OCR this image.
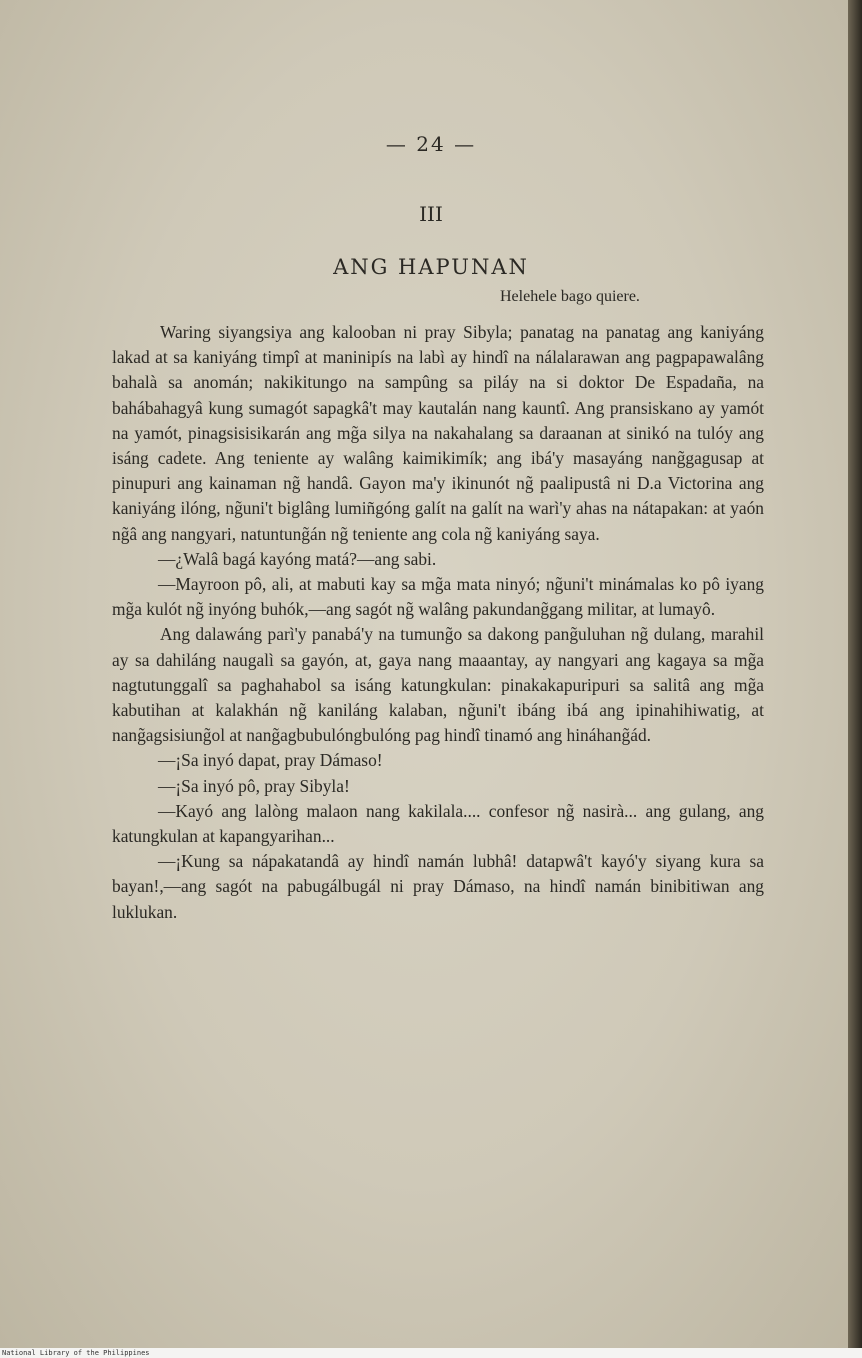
— 24 —
III
ANG HAPUNAN
Helehele bago quiere.

Waring siyangsiya ang kalooban ni pray Sibyla; panatag na panatag ang kaniyáng lakad at sa kaniyáng timpî at maninipís na labì ay hindî na nálalarawan ang pagpapawalâng bahalà sa anomán; nakikitungo na sampûng sa piláy na si doktor De Espadaña, na bahábahagyâ kung sumagót sapagkâ't may kautalán nang kauntî. Ang pransiskano ay yamót na yamót, pinagsisisikarán ang mg̃a silya na nakahalang sa daraanan at sinikó na tulóy ang isáng cadete. Ang teniente ay walâng kaimikimík; ang ibá'y masayáng nang̃gagusap at pinupuri ang kainaman ng̃ handâ. Gayon ma'y ikinunót ng̃ paalipustâ ni D.a Victorina ang kaniyáng ilóng, ng̃uni't biglâng lumiñgóng galít na galít na warì'y ahas na nátapakan: at yaón ng̃â ang nangyari, natuntung̃án ng̃ teniente ang cola ng̃ kaniyáng saya.

—¿Walâ bagá kayóng matá?—ang sabi.

—Mayroon pô, ali, at mabuti kay sa mg̃a mata ninyó; ng̃uni't minámalas ko pô iyang mg̃a kulót ng̃ inyóng buhók,—ang sagót ng̃ walâng pakundang̃gang militar, at lumayô.

Ang dalawáng parì'y panabá'y na tumung̃o sa dakong pang̃uluhan ng̃ dulang, marahil ay sa dahiláng naugalì sa gayón, at, gaya nang maaantay, ay nangyari ang kagaya sa mg̃a nagtutunggalî sa paghahabol sa isáng katungkulan: pinakakapuripuri sa salitâ ang mg̃a kabutihan at kalakhán ng̃ kaniláng kalaban, ng̃uni't ibáng ibá ang ipinahihiwatig, at nang̃agsisiung̃ol at nang̃agbubulóngbulóng pag hindî tinamó ang hináhang̃ád.

—¡Sa inyó dapat, pray Dámaso!

—¡Sa inyó pô, pray Sibyla!

—Kayó ang lalòng malaon nang kakilala.... confesor ng̃ nasirà... ang gulang, ang katungkulan at kapangyarihan...

—¡Kung sa nápakatandâ ay hindî namán lubhâ! datapwâ't kayó'y siyang kura sa bayan!,—ang sagót na pabugálbugál ni pray Dámaso, na hindî namán binibitiwan ang luklukan.

National Library of the Philippines
